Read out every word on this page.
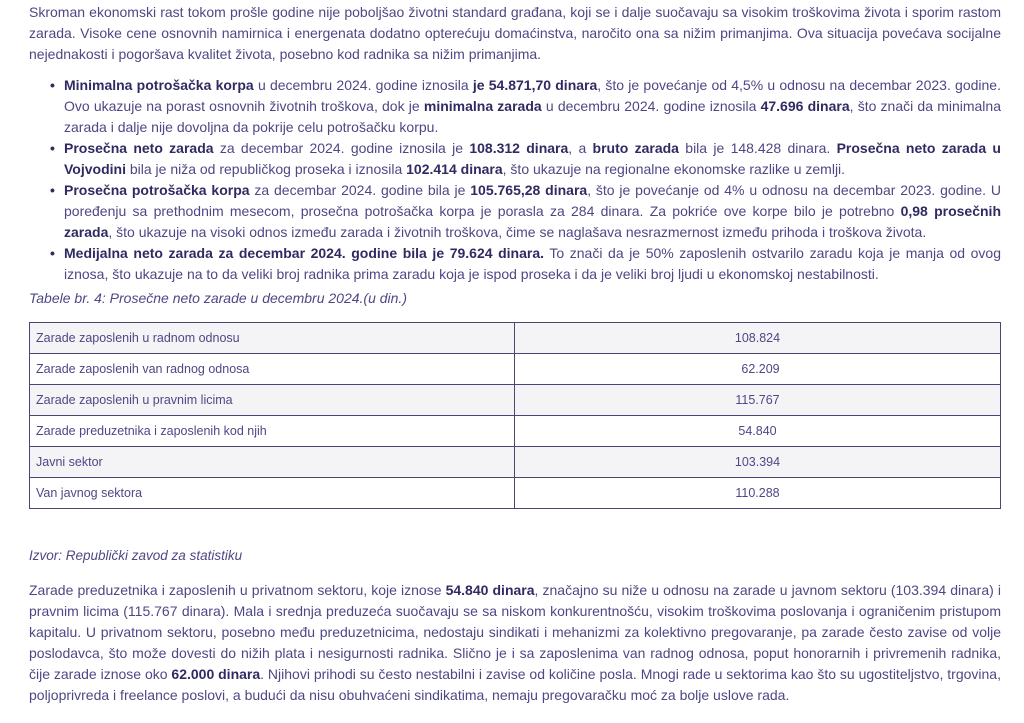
Skroman ekonomski rast tokom prošle godine nije poboljšao životni standard građana, koji se i dalje suočavaju sa visokim troškovima života i sporim rastom zarada. Visoke cene osnovnih namirnica i energenata dodatno opterećuju domaćinstva, naročito ona sa nižim primanjima. Ova situacija povećava socijalne nejednakosti i pogoršava kvalitet života, posebno kod radnika sa nižim primanjima.

• Minimalna potrošačka korpa u decembru 2024. godine iznosila je 54.871,70 dinara, što je povećanje od 4,5% u odnosu na decembar 2023. godine. Ovo ukazuje na porast osnovnih životnih troškova, dok je minimalna zarada u decembru 2024. godine iznosila 47.696 dinara, što znači da minimalna zarada i dalje nije dovoljna da pokrije celu potrošačku korpu.
• Prosečna neto zarada za decembar 2024. godine iznosila je 108.312 dinara, a bruto zarada bila je 148.428 dinara. Prosečna neto zarada u Vojvodini bila je niža od republičkog proseka i iznosila 102.414 dinara, što ukazuje na regionalne ekonomske razlike u zemlji.
• Prosečna potrošačka korpa za decembar 2024. godine bila je 105.765,28 dinara, što je povećanje od 4% u odnosu na decembar 2023. godine. U poređenju sa prethodnim mesecom, prosečna potrošačka korpa je porasla za 284 dinara. Za pokriće ove korpe bilo je potrebno 0,98 prosečnih zarada, što ukazuje na visoki odnos između zarada i životnih troškova, čime se naglašava nesrazmernost između prihoda i troškova života.
• Medijalna neto zarada za decembar 2024. godine bila je 79.624 dinara. To znači da je 50% zaposlenih ostvarilo zaradu koja je manja od ovog iznosa, što ukazuje na to da veliki broj radnika prima zaradu koja je ispod proseka i da je veliki broj ljudi u ekonomskoj nestabilnosti.
Tabele br. 4: Prosečne neto zarade u decembru 2024.(u din.)
Zarade zaposlenih u radnom odnosu	108.824
Zarade zaposlenih van radnog odnosa	62.209
Zarade zaposlenih u pravnim licima	115.767
Zarade preduzetnika i zaposlenih kod njih	54.840
Javni sektor	103.394
Van javnog sektora	110.288
Izvor: Republički zavod za statistiku

Zarade preduzetnika i zaposlenih u privatnom sektoru, koje iznose 54.840 dinara, značajno su niže u odnosu na zarade u javnom sektoru (103.394 dinara) i pravnim licima (115.767 dinara). Mala i srednja preduzeća suočavaju se sa niskom konkurentnošću, visokim troškovima poslovanja i ograničenim pristupom kapitalu. U privatnom sektoru, posebno među preduzetnicima, nedostaju sindikati i mehanizmi za kolektivno pregovaranje, pa zarade često zavise od volje poslodavca, što može dovesti do nižih plata i nesigurnosti radnika. Slično je i sa zaposlenima van radnog odnosa, poput honorarnih i privremenih radnika, čije zarade iznose oko 62.000 dinara. Njihovi prihodi su često nestabilni i zavise od količine posla. Mnogi rade u sektorima kao što su ugostiteljstvo, trgovina, poljoprivreda i freelance poslovi, a budući da nisu obuhvaćeni sindikatima, nemaju pregovaračku moć za bolje uslove rada.
